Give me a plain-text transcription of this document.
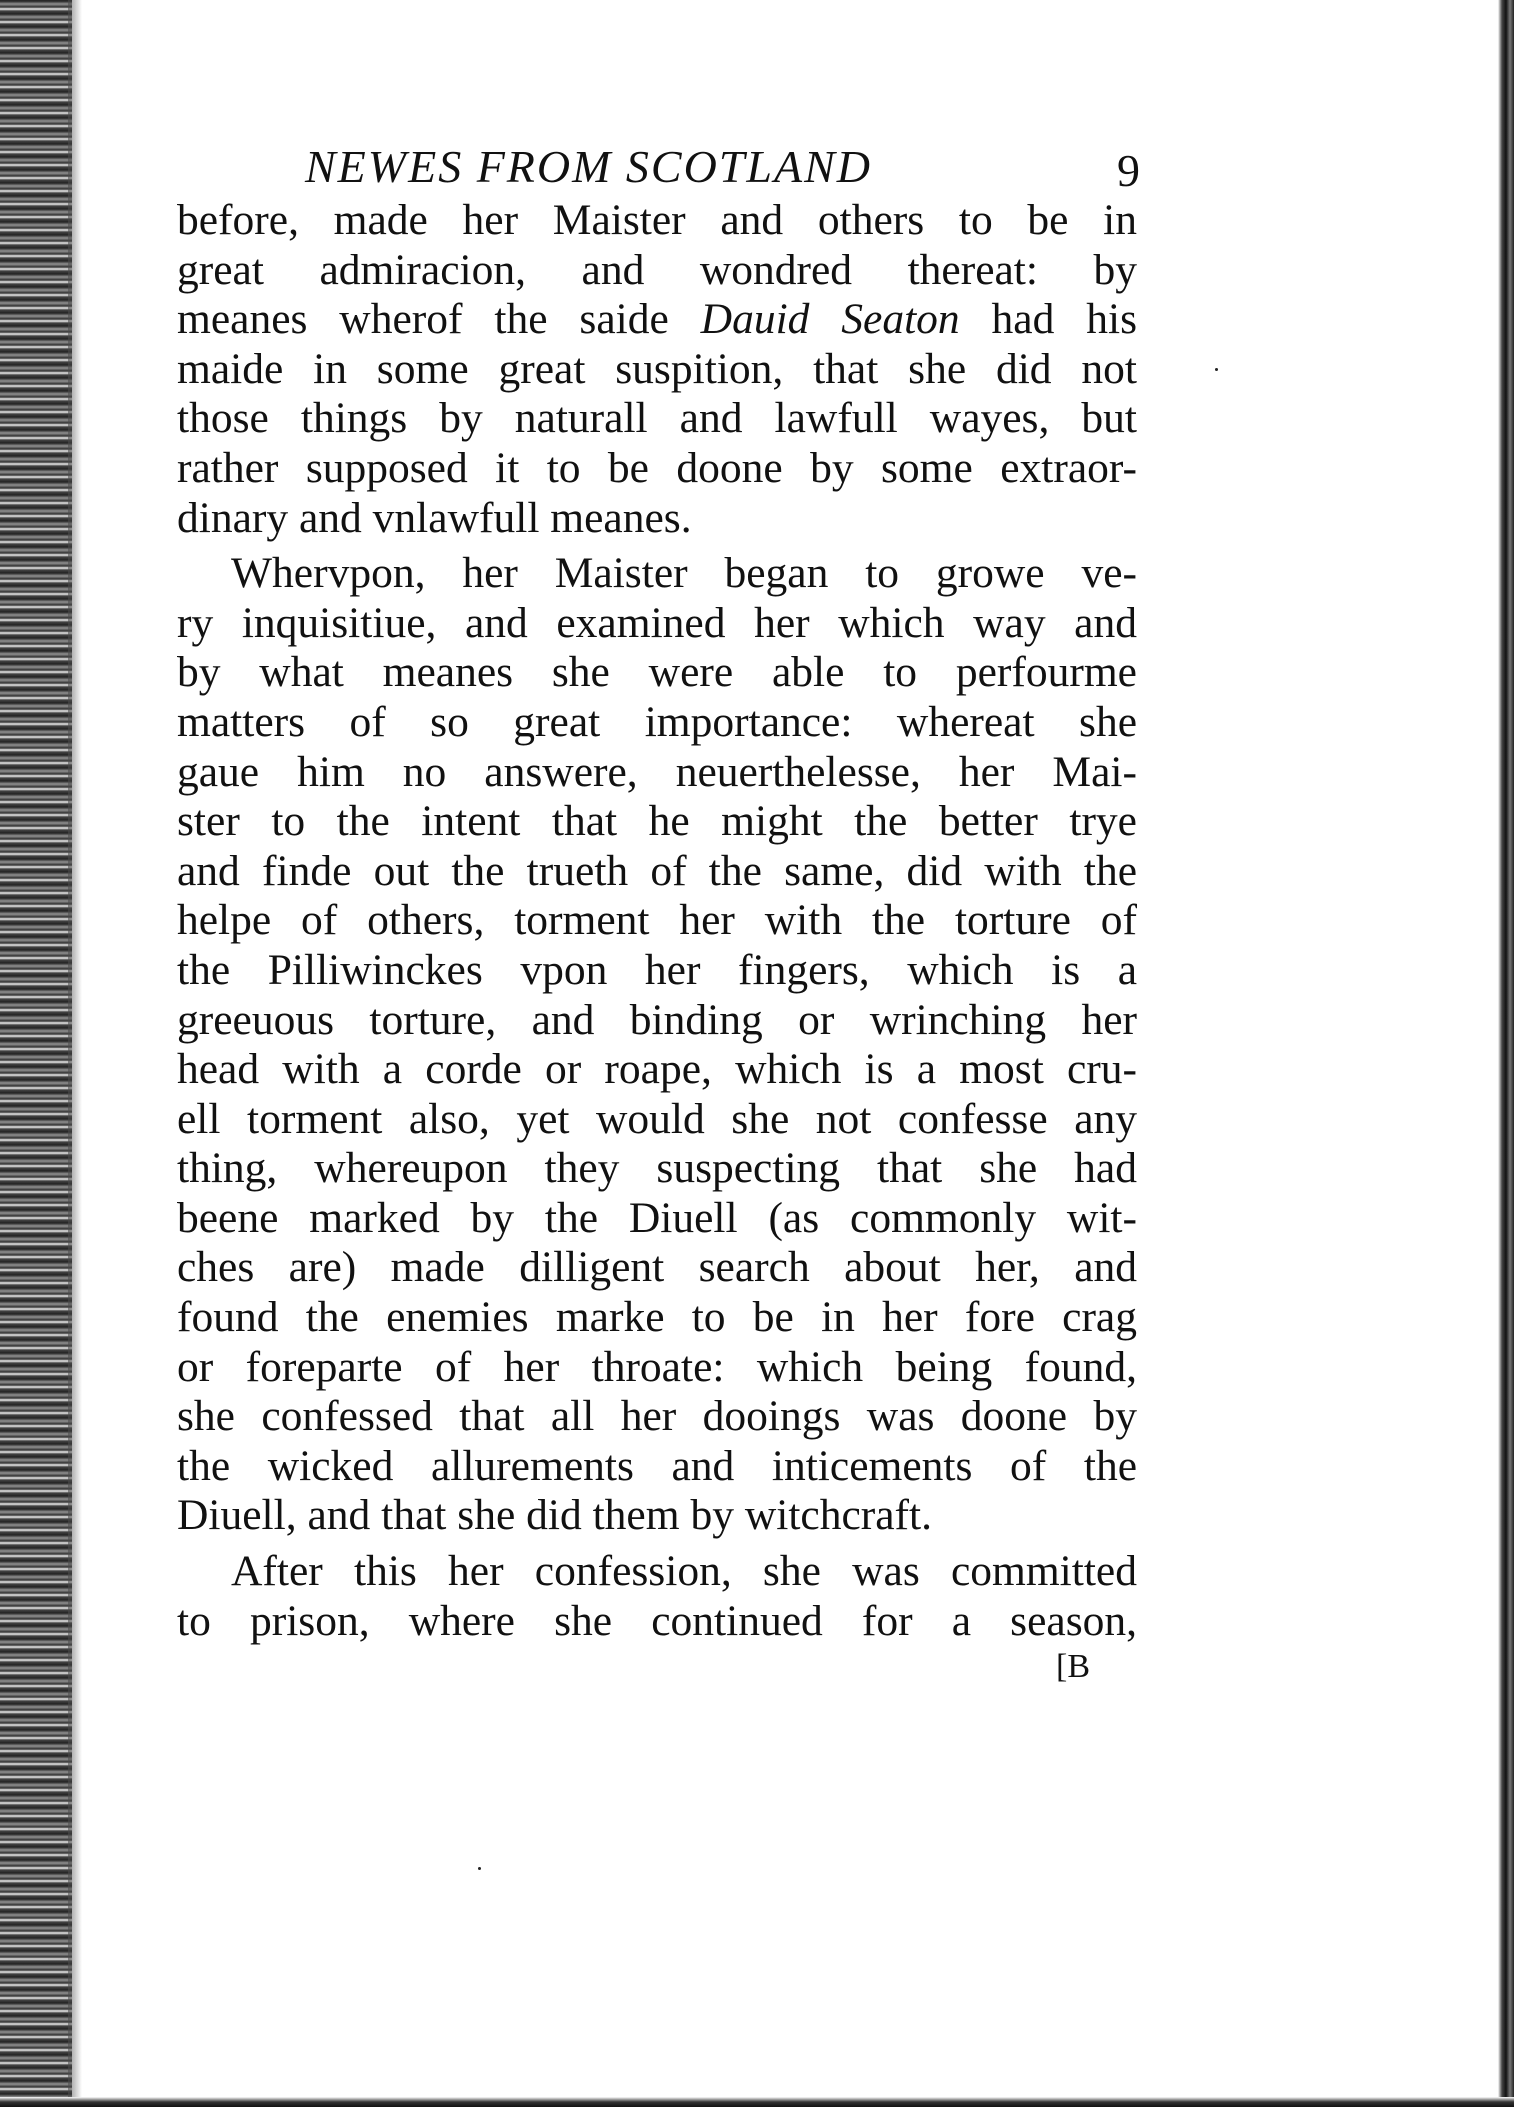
NEWES FROM SCOTLAND	9
before, made her Maister and others to be in
great admiracion, and wondred thereat: by
meanes wherof the saide Dauid Seaton had his
maide in some great suspition, that she did not
those things by naturall and lawfull wayes, but
rather supposed it to be doone by some extraor-
dinary and vnlawfull meanes.
Whervpon, her Maister began to growe ve-
ry inquisitiue, and examined her which way and
by what meanes she were able to perfourme
matters of so great importance: whereat she
gaue him no answere, neuerthelesse, her Mai-
ster to the intent that he might the better trye
and finde out the trueth of the same, did with the
helpe of others, torment her with the torture of
the Pilliwinckes vpon her fingers, which is a
greeuous torture, and binding or wrinching her
head with a corde or roape, which is a most cru-
ell torment also, yet would she not confesse any
thing, whereupon they suspecting that she had
beene marked by the Diuell (as commonly wit-
ches are) made dilligent search about her, and
found the enemies marke to be in her fore crag
or foreparte of her throate: which being found,
she confessed that all her dooings was doone by
the wicked allurements and inticements of the
Diuell, and that she did them by witchcraft.
After this her confession, she was committed
to prison, where she continued for a season,
[B
